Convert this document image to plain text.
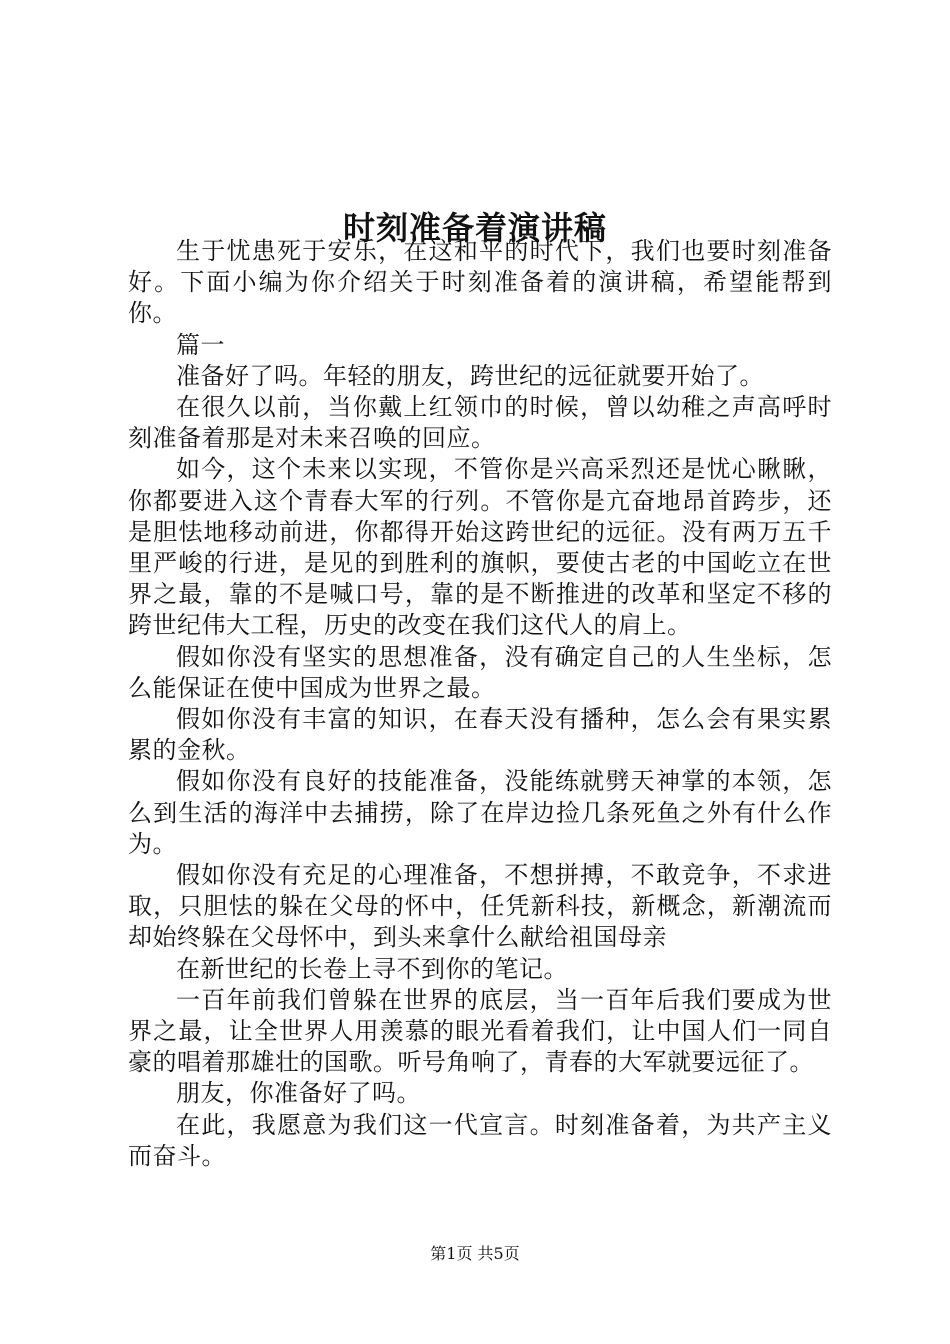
时刻准备着演讲稿

生于忧患死于安乐，在这和平的时代下，我们也要时刻准备好。下面小编为你介绍关于时刻准备着的演讲稿，希望能帮到你。

篇一

准备好了吗。年轻的朋友，跨世纪的远征就要开始了。

在很久以前，当你戴上红领巾的时候，曾以幼稚之声高呼时刻准备着那是对未来召唤的回应。

如今，这个未来以实现，不管你是兴高采烈还是忧心瞅瞅，你都要进入这个青春大军的行列。不管你是亢奋地昂首跨步，还是胆怯地移动前进，你都得开始这跨世纪的远征。没有两万五千里严峻的行进，是见的到胜利的旗帜，要使古老的中国屹立在世界之最，靠的不是喊口号，靠的是不断推进的改革和坚定不移的跨世纪伟大工程，历史的改变在我们这代人的肩上。

假如你没有坚实的思想准备，没有确定自己的人生坐标，怎么能保证在使中国成为世界之最。

假如你没有丰富的知识，在春天没有播种，怎么会有果实累累的金秋。

假如你没有良好的技能准备，没能练就劈天神掌的本领，怎么到生活的海洋中去捕捞，除了在岸边捡几条死鱼之外有什么作为。

假如你没有充足的心理准备，不想拼搏，不敢竞争，不求进取，只胆怯的躲在父母的怀中，任凭新科技，新概念，新潮流而却始终躲在父母怀中，到头来拿什么献给祖国母亲

在新世纪的长卷上寻不到你的笔记。

一百年前我们曾躲在世界的底层，当一百年后我们要成为世界之最，让全世界人用羡慕的眼光看着我们，让中国人们一同自豪的唱着那雄壮的国歌。听号角响了，青春的大军就要远征了。

朋友，你准备好了吗。

在此，我愿意为我们这一代宣言。时刻准备着，为共产主义而奋斗。

第1页 共5页
